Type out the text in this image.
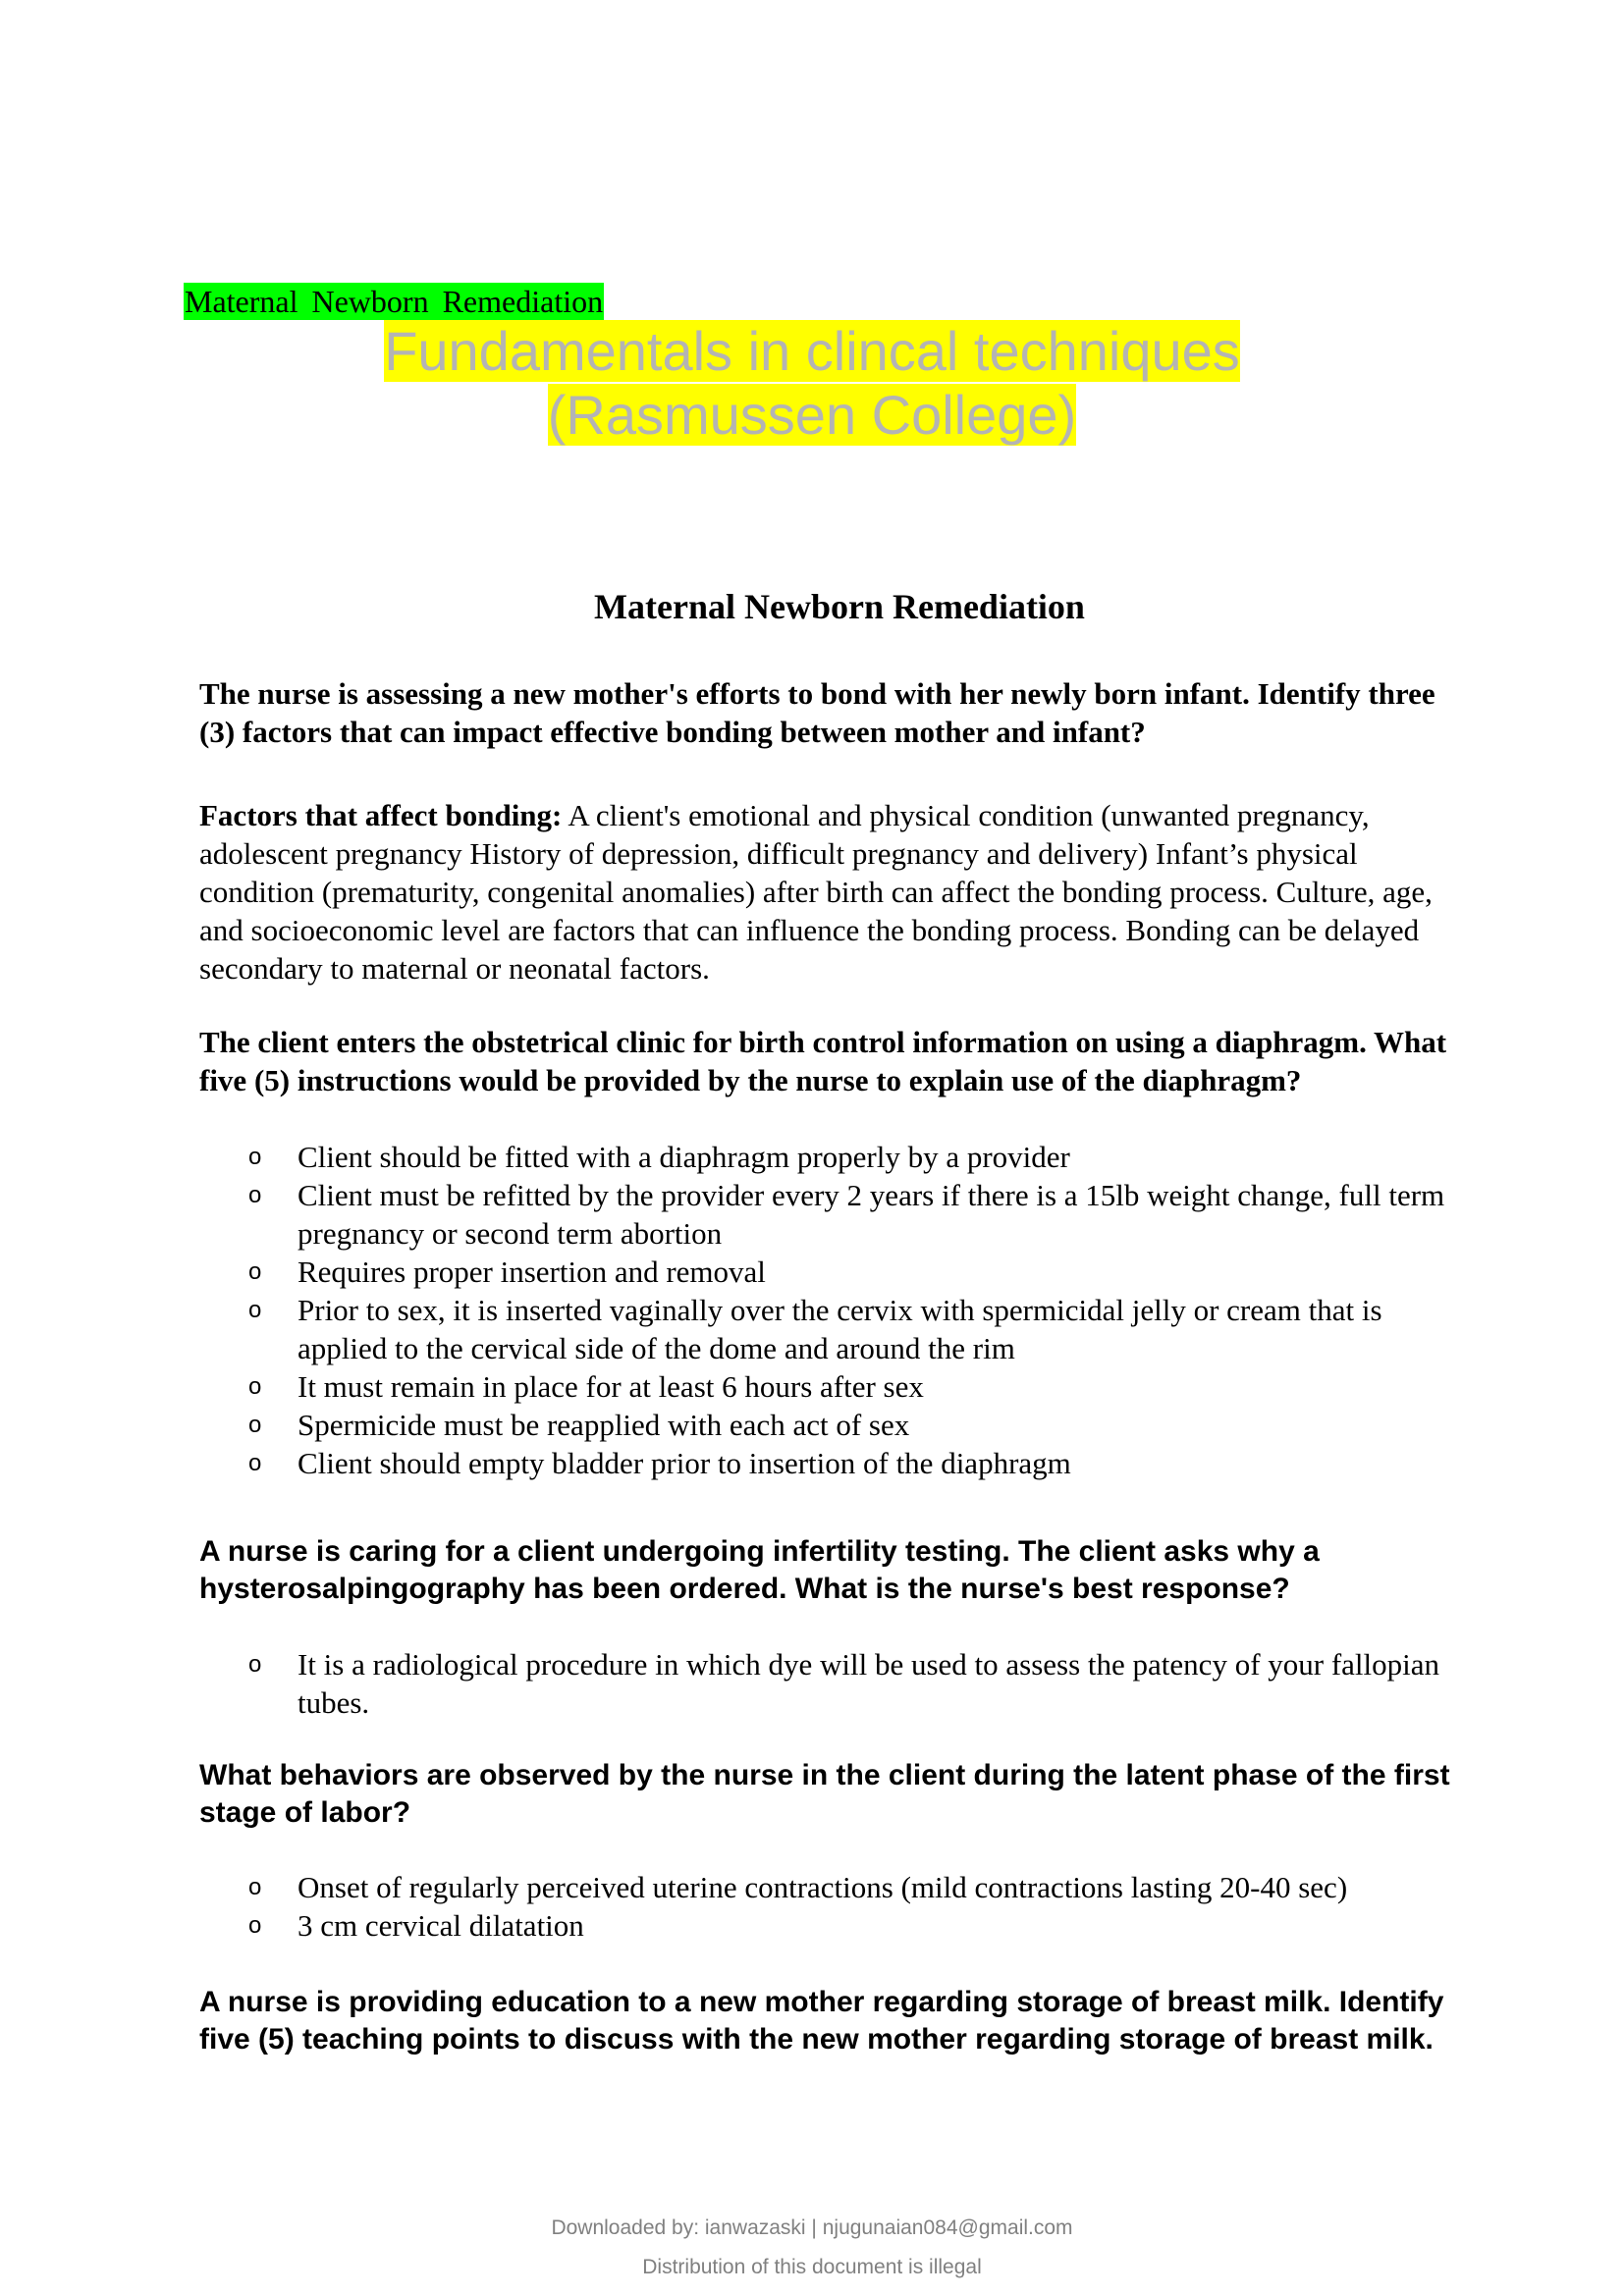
Maternal Newborn Remediation
Fundamentals in clincal techniques
(Rasmussen College)
Maternal Newborn Remediation
The nurse is assessing a new mother's efforts to bond with her newly born infant. Identify three (3) factors that can impact effective bonding between mother and infant?
Factors that affect bonding: A client's emotional and physical condition (unwanted pregnancy, adolescent pregnancy History of depression, difficult pregnancy and delivery) Infant’s physical condition (prematurity, congenital anomalies) after birth can affect the bonding process. Culture, age, and socioeconomic level are factors that can influence the bonding process. Bonding can be delayed secondary to maternal or neonatal factors.
The client enters the obstetrical clinic for birth control information on using a diaphragm. What five (5) instructions would be provided by the nurse to explain use of the diaphragm?
o Client should be fitted with a diaphragm properly by a provider
o Client must be refitted by the provider every 2 years if there is a 15lb weight change, full term pregnancy or second term abortion
o Requires proper insertion and removal
o Prior to sex, it is inserted vaginally over the cervix with spermicidal jelly or cream that is applied to the cervical side of the dome and around the rim
o It must remain in place for at least 6 hours after sex
o Spermicide must be reapplied with each act of sex
o Client should empty bladder prior to insertion of the diaphragm
A nurse is caring for a client undergoing infertility testing. The client asks why a hysterosalpingography has been ordered. What is the nurse's best response?
o It is a radiological procedure in which dye will be used to assess the patency of your fallopian tubes.
What behaviors are observed by the nurse in the client during the latent phase of the first stage of labor?
o Onset of regularly perceived uterine contractions (mild contractions lasting 20-40 sec)
o 3 cm cervical dilatation
A nurse is providing education to a new mother regarding storage of breast milk. Identify five (5) teaching points to discuss with the new mother regarding storage of breast milk.
Downloaded by: ianwazaski | njugunaian084@gmail.com
Distribution of this document is illegal
